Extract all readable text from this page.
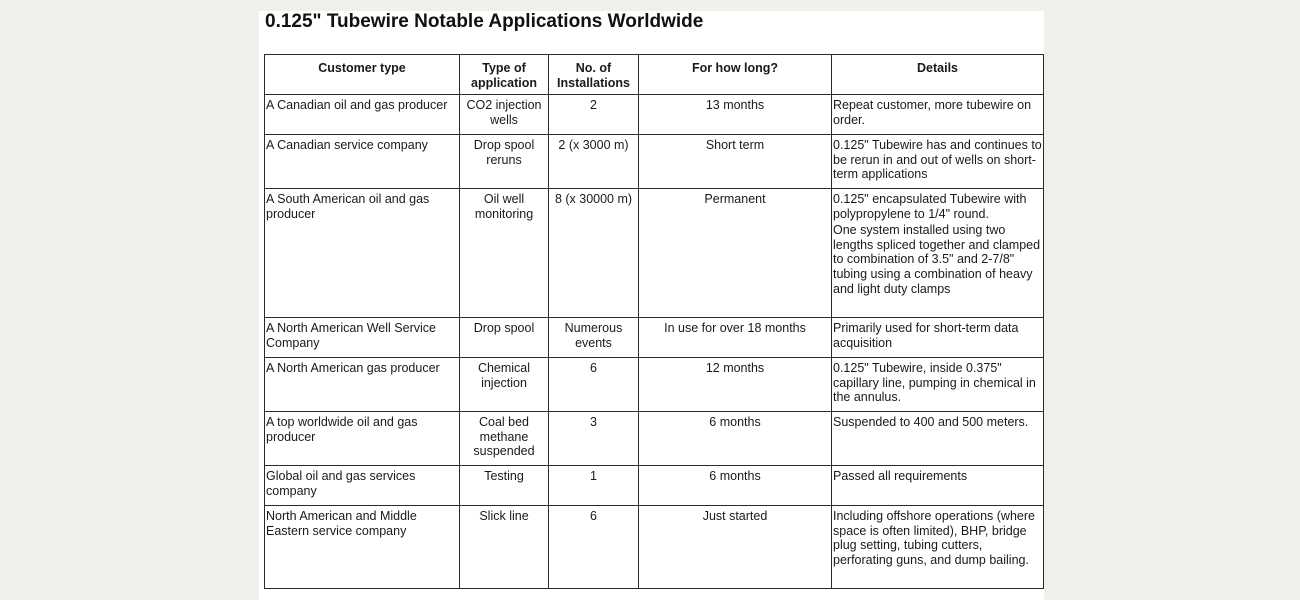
0.125" Tubewire Notable Applications Worldwide
Customer type	Type of application	No. of Installations	For how long?	Details
A Canadian oil and gas producer	CO2 injection wells	2	13 months	Repeat customer, more tubewire on order.

A Canadian service company	Drop spool reruns	2 (x 3000 m)	Short term	0.125" Tubewire has and continues to be rerun in and out of wells on short-term applications

A South American oil and gas producer	Oil well monitoring	8 (x 30000 m)	Permanent	0.125" encapsulated Tubewire with polypropylene to 1/4" round.
One system installed using two lengths spliced together and clamped to combination of 3.5" and 2-7/8" tubing using a combination of heavy and light duty clamps

A North American Well Service Company	Drop spool	Numerous events	In use for over 18 months	Primarily used for short-term data acquisition

A North American gas producer	Chemical injection	6	12 months	0.125" Tubewire, inside 0.375" capillary line, pumping in chemical in the annulus.

A top worldwide oil and gas producer	Coal bed methane suspended	3	6 months	Suspended to 400 and 500 meters.

Global oil and gas services company	Testing	1	6 months	Passed all requirements

North American and Middle Eastern service company	Slick line	6	Just started	Including offshore operations (where space is often limited), BHP, bridge plug setting, tubing cutters, perforating guns, and dump bailing.
